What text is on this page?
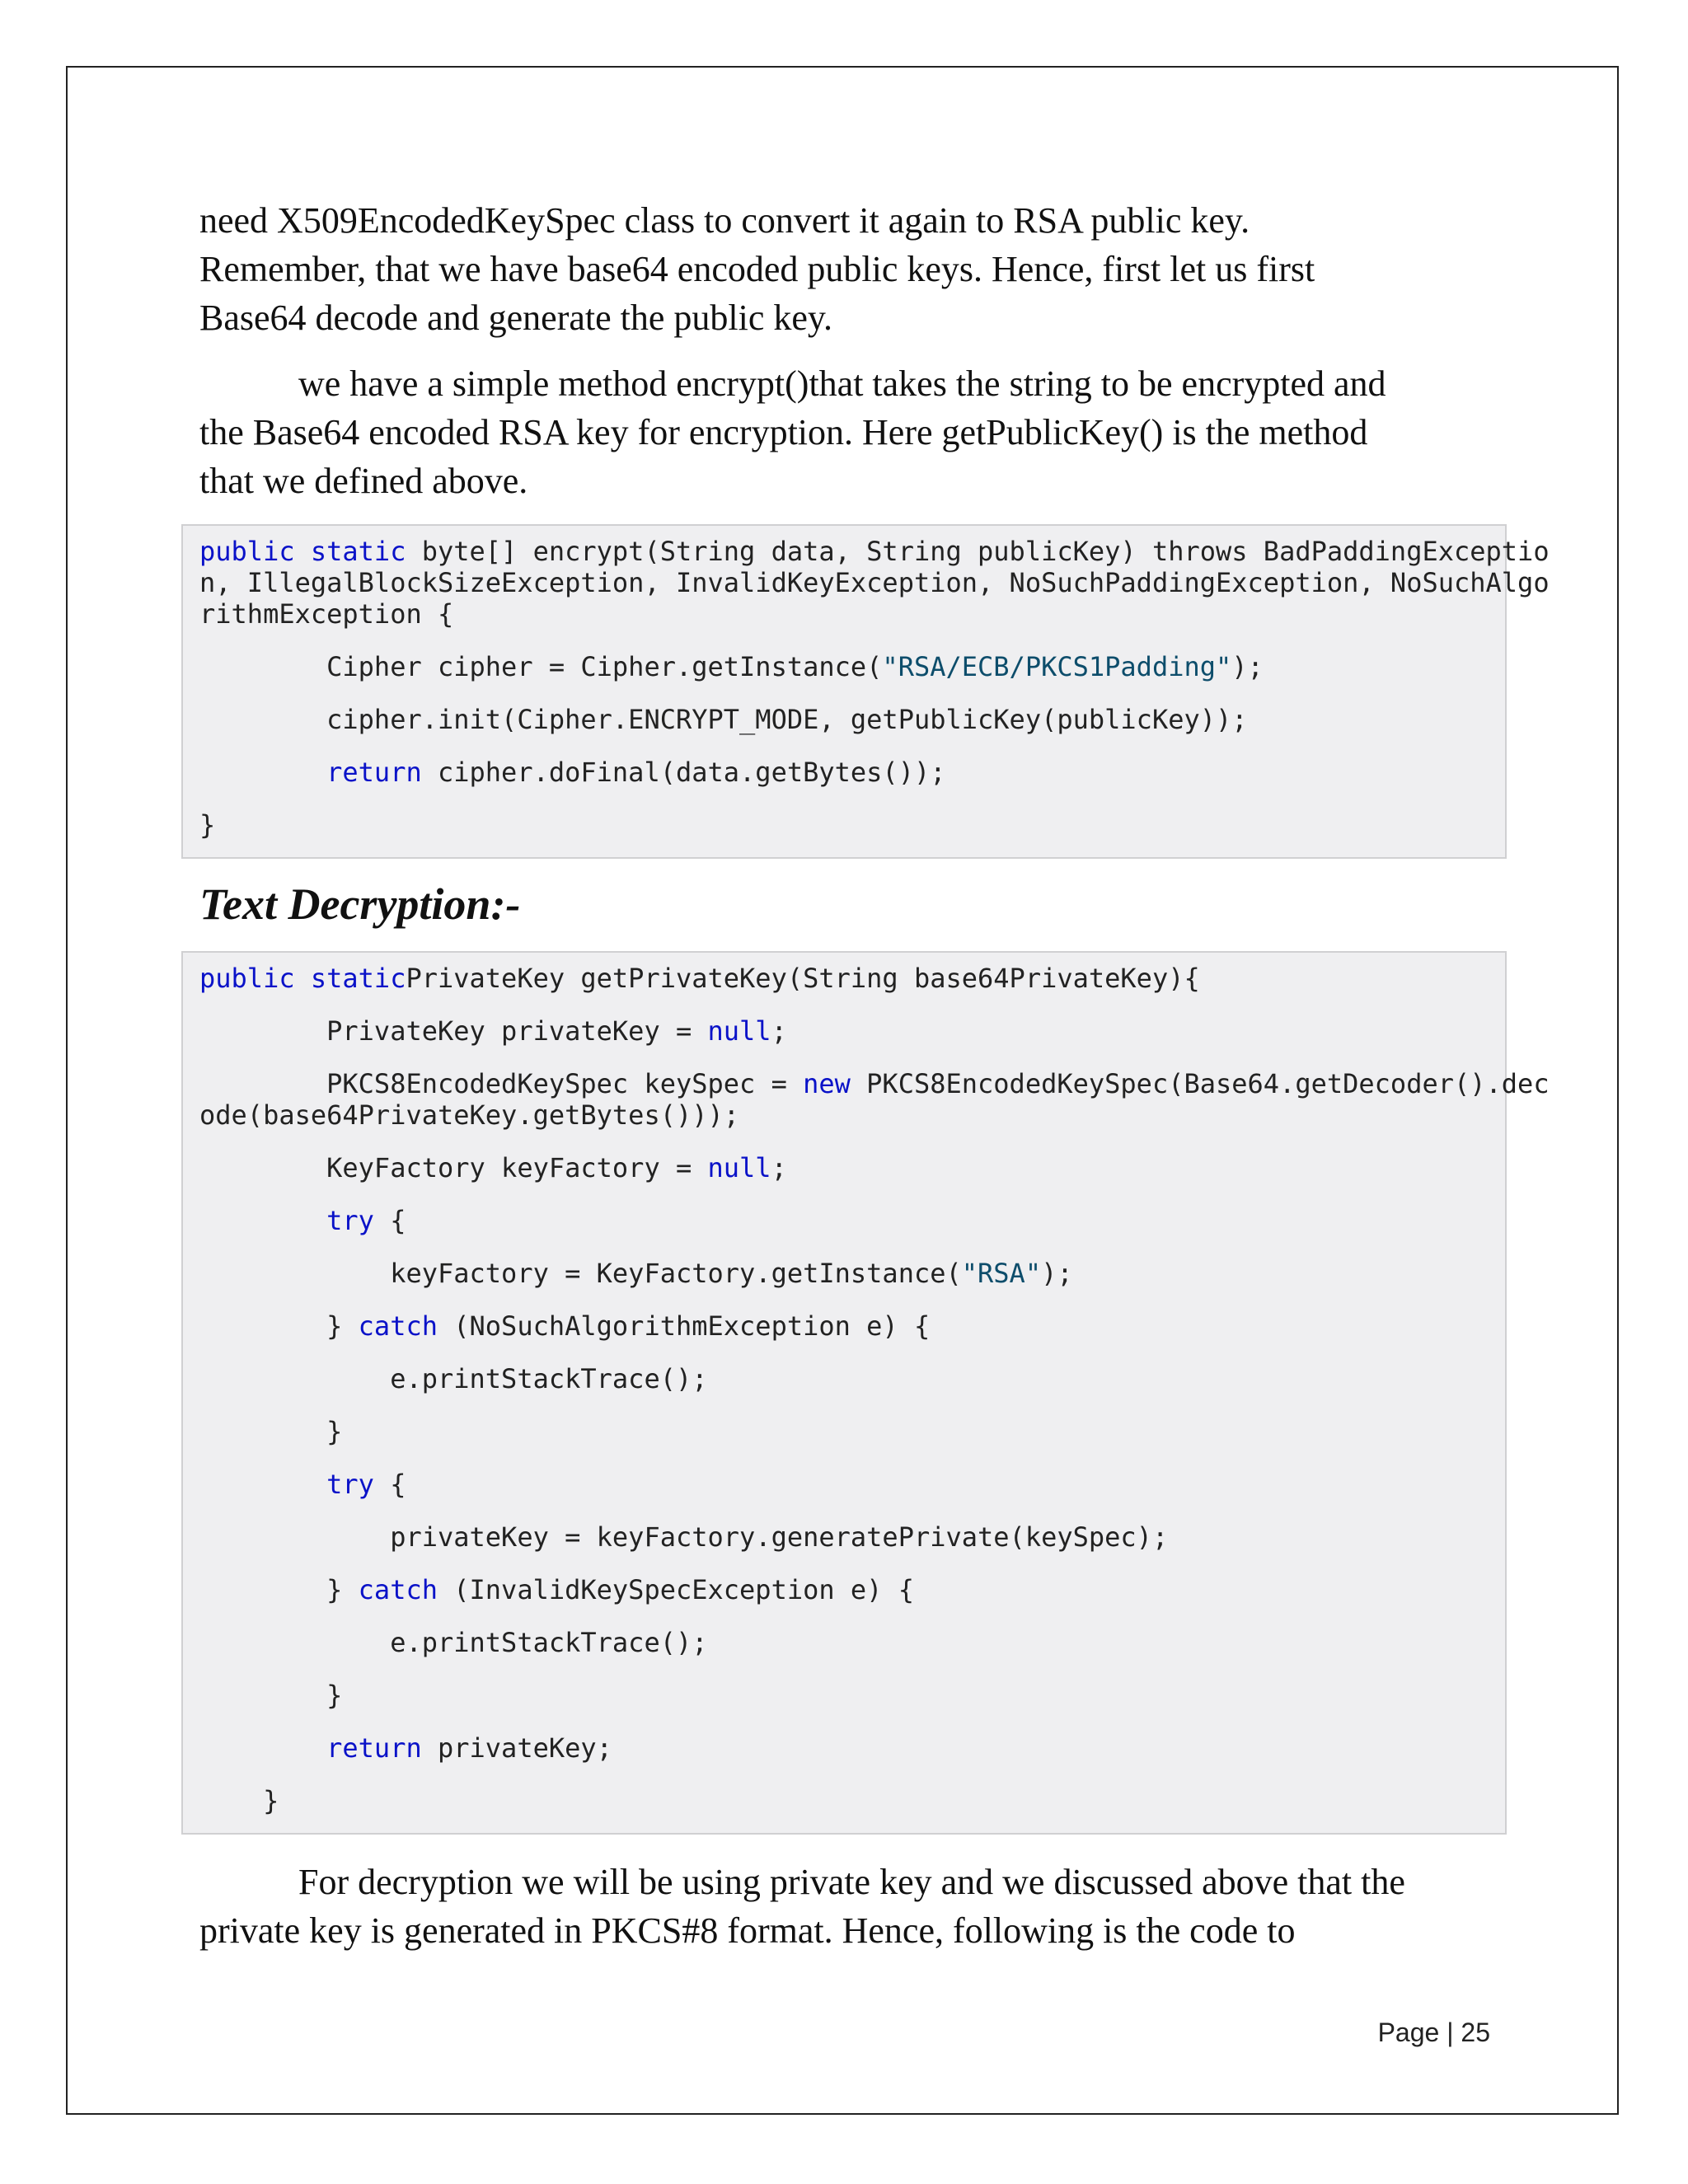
need X509EncodedKeySpec class to convert it again to RSA public key.
Remember, that we have base64 encoded public keys. Hence, first let us first
Base64 decode and generate the public key.

we have a simple method encrypt()that takes the string to be encrypted and
the Base64 encoded RSA key for encryption. Here getPublicKey() is the method
that we defined above.

public static byte[] encrypt(String data, String publicKey) throws BadPaddingExceptio
n, IllegalBlockSizeException, InvalidKeyException, NoSuchPaddingException, NoSuchAlgo
rithmException {
Cipher cipher = Cipher.getInstance("RSA/ECB/PKCS1Padding");
cipher.init(Cipher.ENCRYPT_MODE, getPublicKey(publicKey));
return cipher.doFinal(data.getBytes());
}
Text Decryption:-
public staticPrivateKey getPrivateKey(String base64PrivateKey){
PrivateKey privateKey = null;
PKCS8EncodedKeySpec keySpec = new PKCS8EncodedKeySpec(Base64.getDecoder().dec
ode(base64PrivateKey.getBytes()));
KeyFactory keyFactory = null;
try {
keyFactory = KeyFactory.getInstance("RSA");
} catch (NoSuchAlgorithmException e) {
e.printStackTrace();
}
try {
privateKey = keyFactory.generatePrivate(keySpec);
} catch (InvalidKeySpecException e) {
e.printStackTrace();
}
return privateKey;
}

For decryption we will be using private key and we discussed above that the
private key is generated in PKCS#8 format. Hence, following is the code to

Page | 25
